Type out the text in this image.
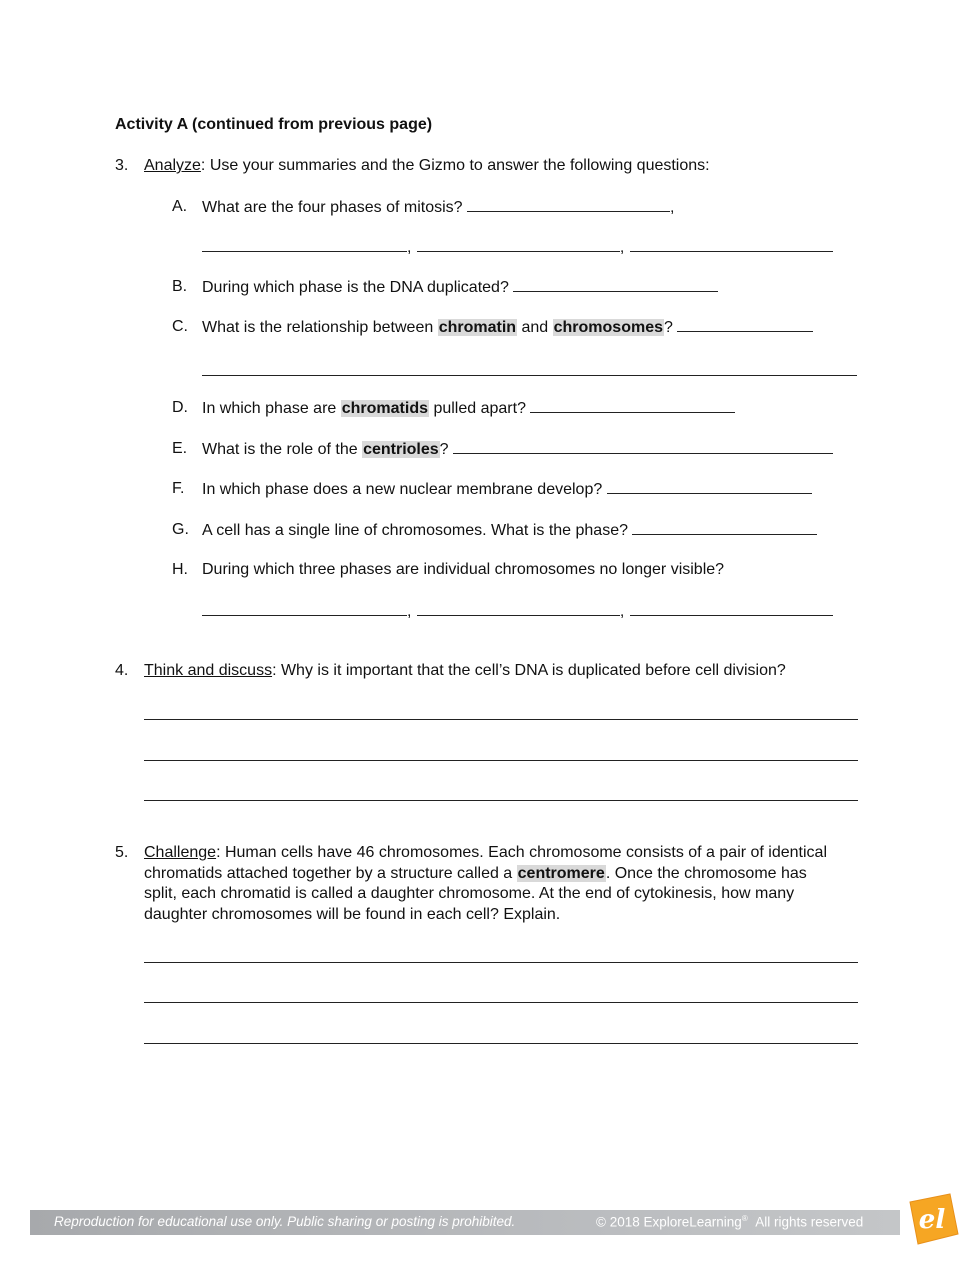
Activity A (continued from previous page)
3. Analyze: Use your summaries and the Gizmo to answer the following questions:
A. What are the four phases of mitosis?	,
,	,
B. During which phase is the DNA duplicated?
C. What is the relationship between chromatin and chromosomes?
D. In which phase are chromatids pulled apart?
E. What is the role of the centrioles?
F. In which phase does a new nuclear membrane develop?
G. A cell has a single line of chromosomes. What is the phase?
H. During which three phases are individual chromosomes no longer visible?
,	,
4. Think and discuss: Why is it important that the cell’s DNA is duplicated before cell division?
5. Challenge: Human cells have 46 chromosomes. Each chromosome consists of a pair of identical chromatids attached together by a structure called a centromere. Once the chromosome has split, each chromatid is called a daughter chromosome. At the end of cytokinesis, how many daughter chromosomes will be found in each cell? Explain.
Reproduction for educational use only. Public sharing or posting is prohibited.	© 2018 ExploreLearning® All rights reserved el
